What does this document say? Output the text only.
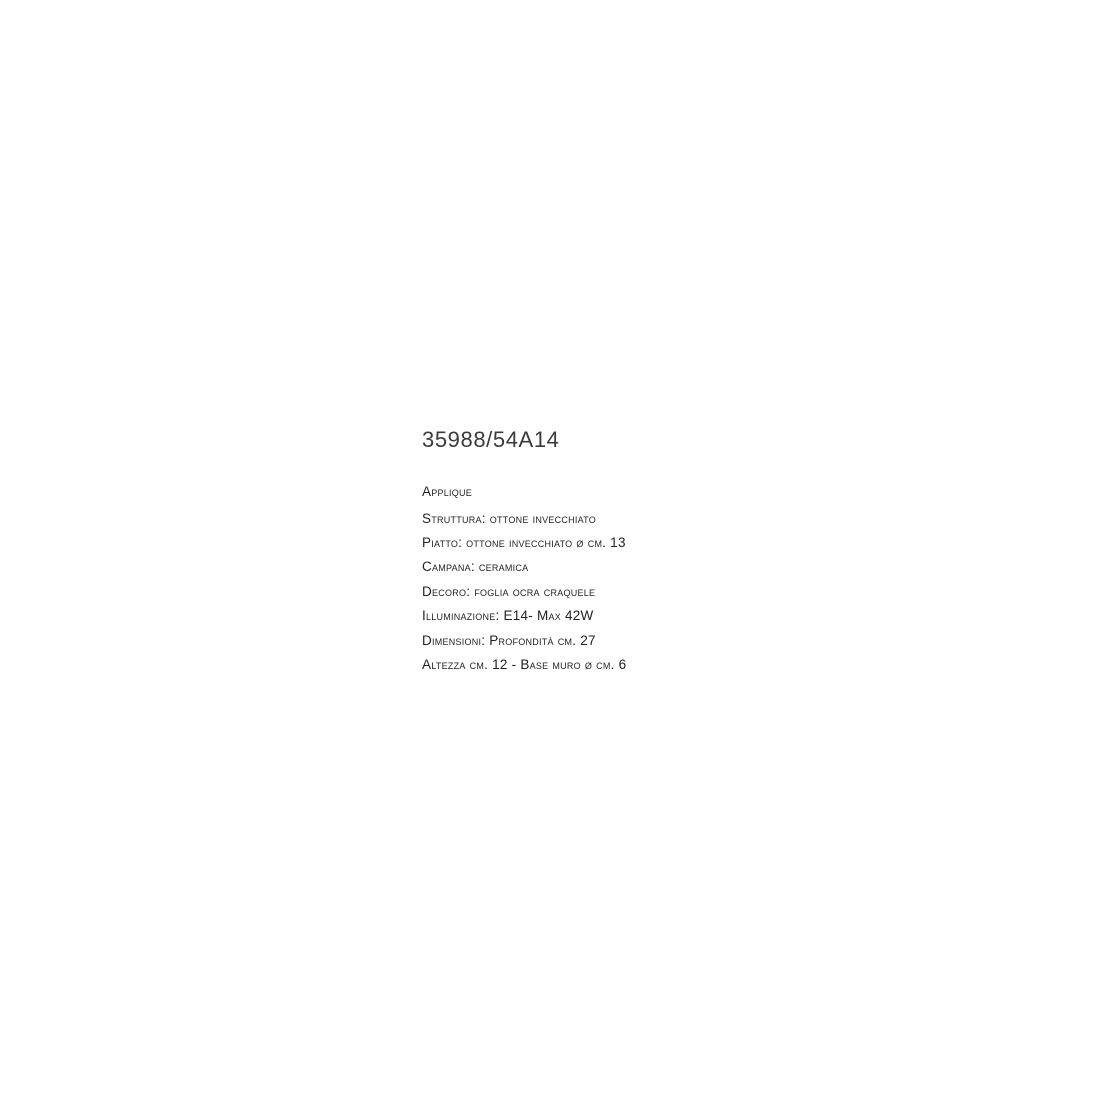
35988/54A14
Applique
Struttura: ottone invecchiato
Piatto: ottone invecchiato ø cm. 13
Campana: ceramica
Decoro: foglia ocra craquele
Illuminazione: E14- Max 42W
Dimensioni: Profondità cm. 27
Altezza cm. 12 - Base muro ø cm. 6
